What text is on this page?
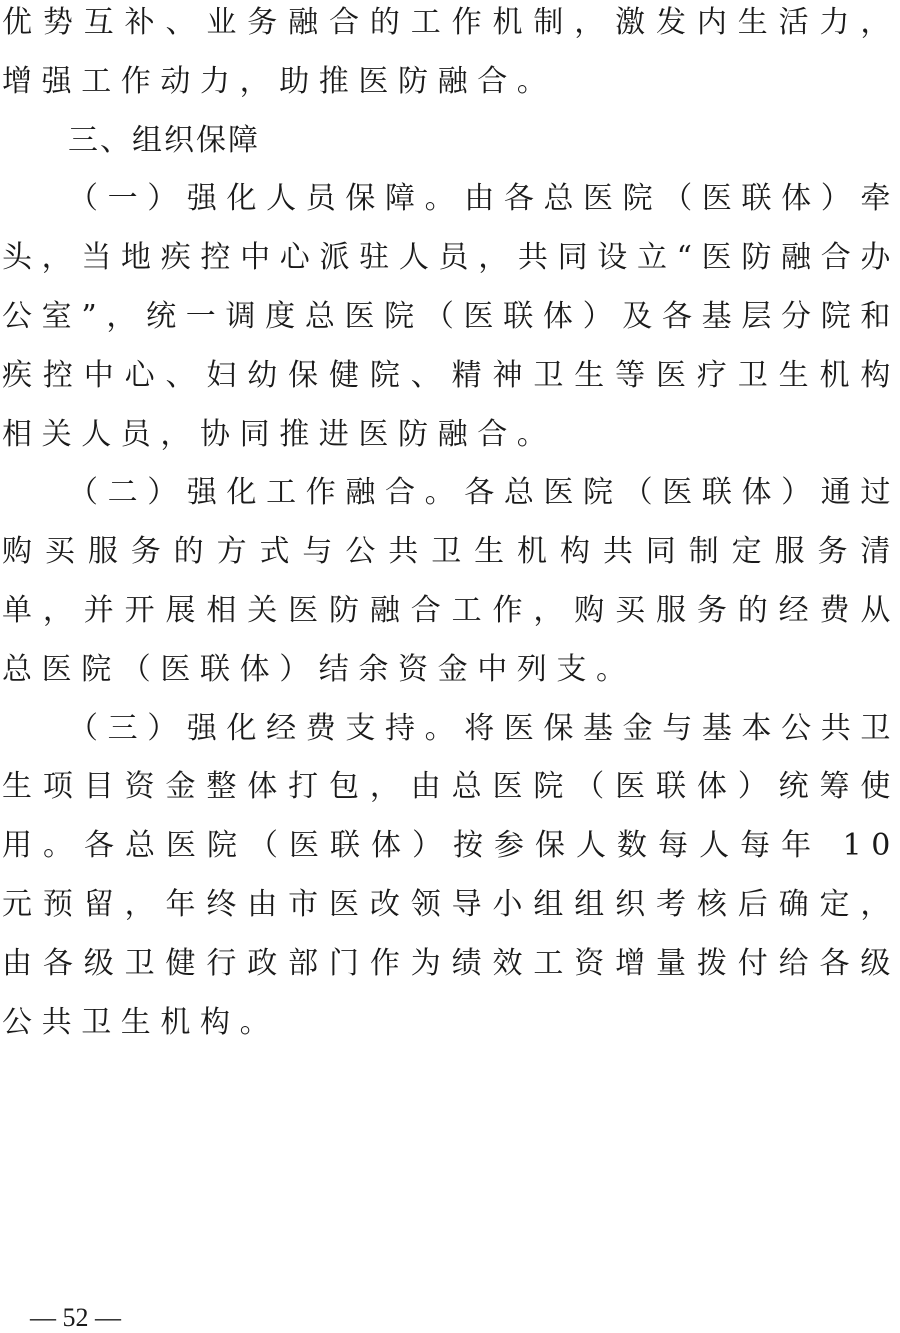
优势互补、业务融合的工作机制，激发内生活力，增强工作动力，助推医防融合。

三、组织保障

（一）强化人员保障。由各总医院（医联体）牵头，当地疾控中心派驻人员，共同设立“医防融合办公室”，统一调度总医院（医联体）及各基层分院和疾控中心、妇幼保健院、精神卫生等医疗卫生机构相关人员，协同推进医防融合。

（二）强化工作融合。各总医院（医联体）通过购买服务的方式与公共卫生机构共同制定服务清单，并开展相关医防融合工作，购买服务的经费从总医院（医联体）结余资金中列支。

（三）强化经费支持。将医保基金与基本公共卫生项目资金整体打包，由总医院（医联体）统筹使用。各总医院（医联体）按参保人数每人每年 10 元预留，年终由市医改领导小组组织考核后确定，由各级卫健行政部门作为绩效工资增量拨付给各级公共卫生机构。

— 52 —
